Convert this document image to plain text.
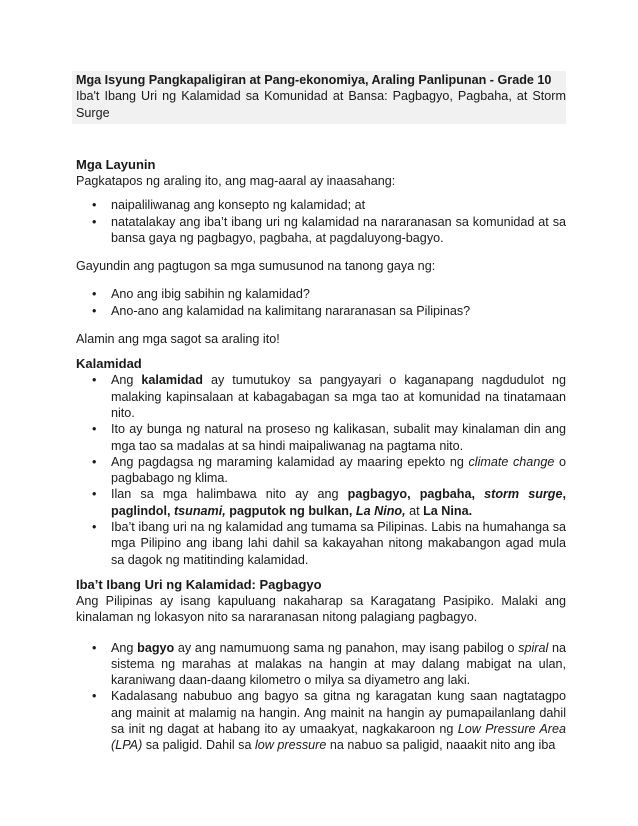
Mga Isyung Pangkapaligiran at Pang-ekonomiya, Araling Panlipunan - Grade 10
Iba't Ibang Uri ng Kalamidad sa Komunidad at Bansa: Pagbagyo, Pagbaha, at Storm Surge
Mga Layunin

Pagkatapos ng araling ito, ang mag-aaral ay inaasahang:

• naipaliliwanag ang konsepto ng kalamidad; at
• natatalakay ang iba’t ibang uri ng kalamidad na nararanasan sa komunidad at sa bansa gaya ng pagbagyo, pagbaha, at pagdaluyong-bagyo.

Gayundin ang pagtugon sa mga sumusunod na tanong gaya ng:

• Ano ang ibig sabihin ng kalamidad?
• Ano-ano ang kalamidad na kalimitang nararanasan sa Pilipinas?

Alamin ang mga sagot sa araling ito!

Kalamidad
• Ang kalamidad ay tumutukoy sa pangyayari o kaganapang nagdudulot ng malaking kapinsalaan at kabagabagan sa mga tao at komunidad na tinatamaan nito.
• Ito ay bunga ng natural na proseso ng kalikasan, subalit may kinalaman din ang mga tao sa madalas at sa hindi maipaliwanag na pagtama nito.
• Ang pagdagsa ng maraming kalamidad ay maaring epekto ng climate change o pagbabago ng klima.
• Ilan sa mga halimbawa nito ay ang pagbagyo, pagbaha, storm surge, paglindol, tsunami, pagputok ng bulkan, La Nino, at La Nina.
• Iba’t ibang uri na ng kalamidad ang tumama sa Pilipinas. Labis na humahanga sa mga Pilipino ang ibang lahi dahil sa kakayahan nitong makabangon agad mula sa dagok ng matitinding kalamidad.
Iba’t Ibang Uri ng Kalamidad: Pagbagyo

Ang Pilipinas ay isang kapuluang nakaharap sa Karagatang Pasipiko. Malaki ang kinalaman ng lokasyon nito sa nararanasan nitong palagiang pagbagyo.

• Ang bagyo ay ang namumuong sama ng panahon, may isang pabilog o spiral na sistema ng marahas at malakas na hangin at may dalang mabigat na ulan, karaniwang daan-daang kilometro o milya sa diyametro ang laki.
• Kadalasang nabubuo ang bagyo sa gitna ng karagatan kung saan nagtatagpo ang mainit at malamig na hangin. Ang mainit na hangin ay pumapailanlang dahil sa init ng dagat at habang ito ay umaakyat, nagkakaroon ng Low Pressure Area (LPA) sa paligid. Dahil sa low pressure na nabuo sa paligid, naaakit nito ang iba
